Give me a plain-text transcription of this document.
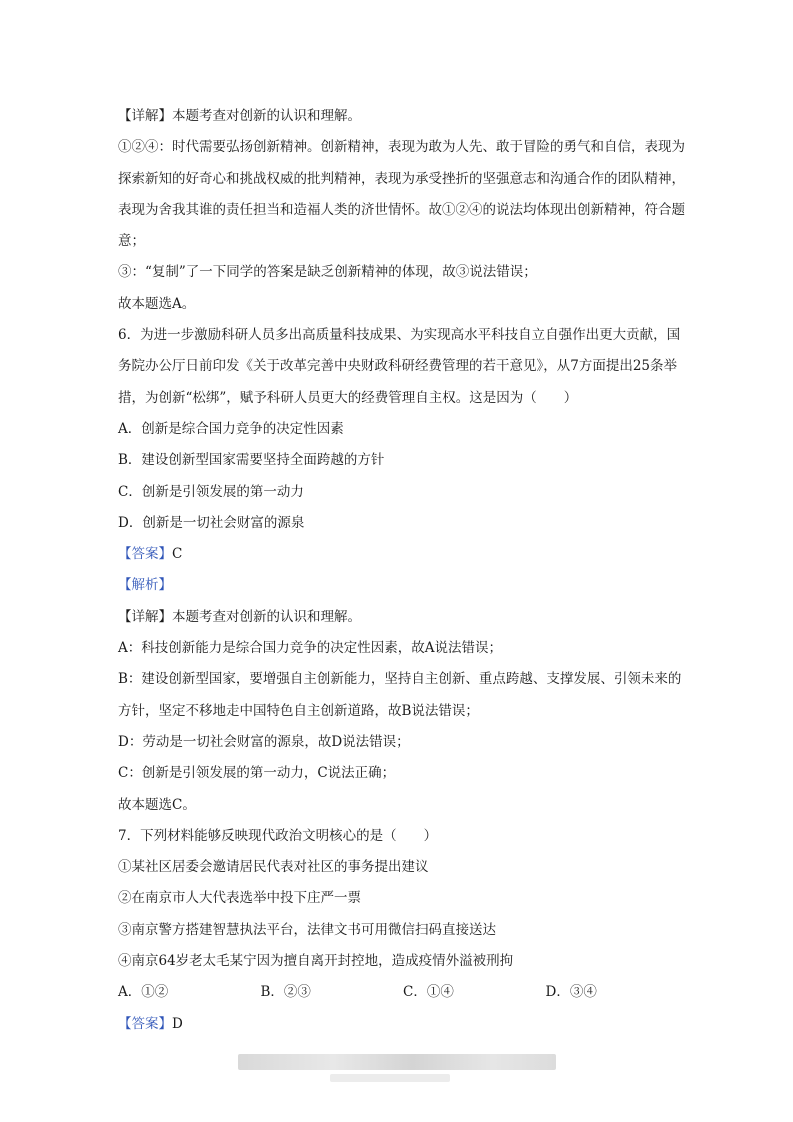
【详解】本题考查对创新的认识和理解。

①②④：时代需要弘扬创新精神。创新精神，表现为敢为人先、敢于冒险的勇气和自信，表现为探索新知的好奇心和挑战权威的批判精神，表现为承受挫折的坚强意志和沟通合作的团队精神，表现为舍我其谁的责任担当和造福人类的济世情怀。故①②④的说法均体现出创新精神，符合题意；

③：“复制”了一下同学的答案是缺乏创新精神的体现，故③说法错误；

故本题选A。

6．为进一步激励科研人员多出高质量科技成果、为实现高水平科技自立自强作出更大贡献，国务院办公厅日前印发《关于改革完善中央财政科研经费管理的若干意见》，从7方面提出25条举措，为创新“松绑”，赋予科研人员更大的经费管理自主权。这是因为（　　）

A．创新是综合国力竞争的决定性因素

B．建设创新型国家需要坚持全面跨越的方针

C．创新是引领发展的第一动力

D．创新是一切社会财富的源泉

【答案】C

【解析】

【详解】本题考查对创新的认识和理解。

A：科技创新能力是综合国力竞争的决定性因素，故A说法错误；

B：建设创新型国家，要增强自主创新能力，坚持自主创新、重点跨越、支撑发展、引领未来的方针，坚定不移地走中国特色自主创新道路，故B说法错误；

D：劳动是一切社会财富的源泉，故D说法错误；

C：创新是引领发展的第一动力，C说法正确；

故本题选C。

7．下列材料能够反映现代政治文明核心的是（　　）

①某社区居委会邀请居民代表对社区的事务提出建议

②在南京市人大代表选举中投下庄严一票

③南京警方搭建智慧执法平台，法律文书可用微信扫码直接送达

④南京64岁老太毛某宁因为擅自离开封控地，造成疫情外溢被刑拘

A．①②	B．②③	C．①④	D．③④

【答案】D
